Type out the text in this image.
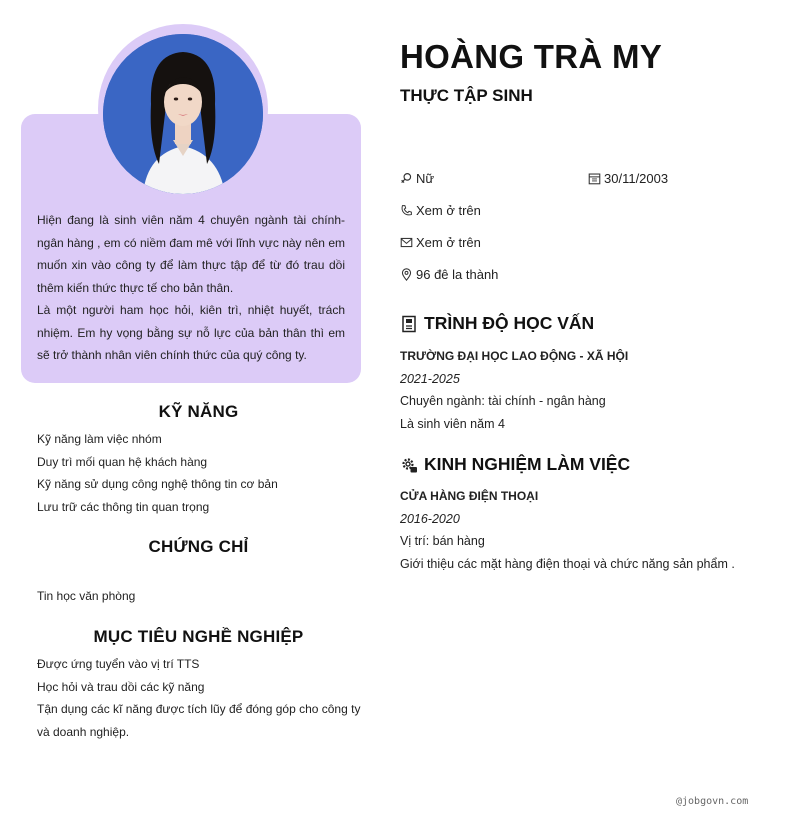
Hiện đang là sinh viên năm 4 chuyên ngành tài chính- ngân hàng , em có niềm đam mê với lĩnh vực này nên em muốn xin vào công ty để làm thực tập để từ đó trau dồi thêm kiến thức thực tế cho bản thân.

Là một người ham học hỏi, kiên trì, nhiệt huyết, trách nhiệm. Em hy vọng bằng sự nỗ lực của bản thân thì em sẽ trở thành nhân viên chính thức của quý công ty.

KỸ NĂNG
Kỹ năng làm việc nhóm
Duy trì mối quan hệ khách hàng
Kỹ năng sử dụng công nghệ thông tin cơ bản
Lưu trữ các thông tin quan trọng
CHỨNG CHỈ
Tin học văn phòng
MỤC TIÊU NGHỀ NGHIỆP
Được ứng tuyển vào vị trí TTS
Học hỏi và trau dồi các kỹ năng
Tận dụng các kĩ năng được tích lũy để đóng góp cho công ty
và doanh nghiệp.
HOÀNG TRÀ MY
THỰC TẬP SINH
Nữ	30/11/2003
Xem ở trên
Xem ở trên
96 đê la thành
TRÌNH ĐỘ HỌC VẤN
TRƯỜNG ĐẠI HỌC LAO ĐỘNG - XÃ HỘI
2021-2025
Chuyên ngành: tài chính - ngân hàng
Là sinh viên năm 4
KINH NGHIỆM LÀM VIỆC
CỬA HÀNG ĐIỆN THOẠI
2016-2020
Vị trí: bán hàng
Giới thiệu các mặt hàng điện thoại và chức năng sản phẩm .
@jobgovn.com
